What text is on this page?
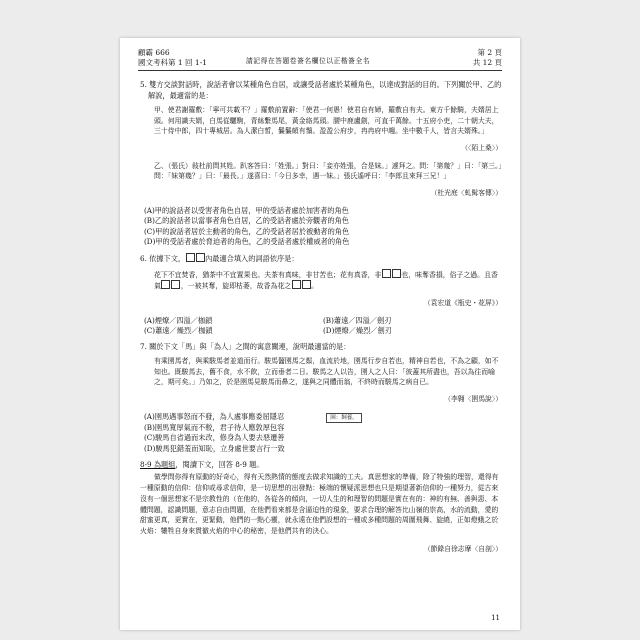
顧霸 666
國文考科第 1 回 1-1	請記得在答題卷簽名欄位以正楷簽全名
第 2 頁
共 12 頁

5. 雙方交談對話時，說話者會以某種角色自居，或讓受話者處於某種角色，以達成對話的目的。下列關於甲、乙的解說，最適當的是：

甲、使君謝羅敷：「寧可共載不？」羅敷前置辭：「使君一何愚！使君自有婦，羅敷自有夫。東方千餘騎，夫婿居上頭。何用識夫婿，白馬從驪駒，青絲繫馬尾，黃金絡馬頭。腰中鹿盧劍，可直千萬餘。十五府小吏，二十朝大夫，三十侍中郎，四十專城居。為人潔白皙，鬑鬑頗有鬚。盈盈公府步，冉冉府中趨。坐中數千人，皆言夫婿殊。」

（〈陌上桑〉）

乙、（張氏）敍杜前問其姓。趴客答曰：「姓張。」對曰：「妾亦姓張，合是妹。」遽拜之。問：「第幾？」曰：「第三。」問：「妹第幾？」曰：「最長。」遂喜曰：「今日多幸，遇一妹。」張氏遙呼曰：「李郎且來拜三兄！」

（杜光庭〈虬髯客傳〉）

(A)甲的說話者以受害者角色自居，甲的受話者處於加害者的角色

(B)乙的說話者以當事者角色自居，乙的受話者處於旁觀者的角色

(C)甲的說話者居於主動者的角色，乙的受話者居於被動者的角色

(D)甲的受話者處於脅迫者的角色，乙的受話者處於權威者的角色

6. 依據下文，	內最適合填入的詞語依序是：

花下不宜焚香，猶茶中不宜置果也。夫茶有真味，非甘苦也；花有真香，非	也，味奪香損，俗子之過。且香氣	，一被其奪，旋即枯萎，故香為花之	。

（袁宏道《瓶史・花屏》）

(A)煙燎／四溢／枷鎖	(B)蕭遠／四溢／劍刃
(C)蕭遠／燥烈／枷鎖	(D)煙燎／燥烈／劍刃

7. 關於下文「馬」與「為人」之間的寓意關連，說明最適當的是：

有乘圉馬者，與乘駿馬者並道而行。駿馬齧圉馬之鬃，血流於地，圉馬行步自若也，精神自若也，不為之顧，如不知也。既駿馬去，舊不食，水不飲，立而垂者二日。駿馬之人以告，圉人之人曰：「彼蓋其所盡也，吾以為往而喻之，期可矣。」乃如之，於是圉馬見駿馬而鼻之，遂與之同體而翁，不終時而駿馬之病自已。

（李翱〈圉馬說〉）

(A)圉馬遇事怒而不發，為人處事應委屈隱忍	圉：飼養。

(B)圉馬寬厚氣而不較，君子待人應敦厚包容

(C)駿馬自省過而未改，修身為人要去惡遷善

(D)駿馬犯錯羞而知恥，立身處世要言行一致

8-9 為題組，閱讀下文，回答 8-9 題。

做學問你得有原動的好奇心，得有天然熱情的態度去做求知識的工夫。真思想家的準備，除了特強的理智，還得有一種原動的信仰：信仰或尋求信仰，是一切思想的出發點：極端的懷疑派思想也只是期望著新信仰的一種努力，從古來沒有一個思想家不是宗教性的（在他的，各從各的傾向，一切人生的和理智的問題是實在有的：神的有無、善與惡、本體問題，認識問題，意志自由問題，在他們看來都是含逼迫性的現象，要求合理的解答比山嶺的崇高，水的流動，愛的甜蜜更真，更實在，更緊動，他們的一點心靈，就永遠在他們設想的一種或多種問題的周圍飛舞、旋繞，正如燈蛾之於火焰：犧牲自身來貫徹火焰的中心的秘密，是他們共有的決心。

（節錄自徐志摩〈自剖〉）

11
